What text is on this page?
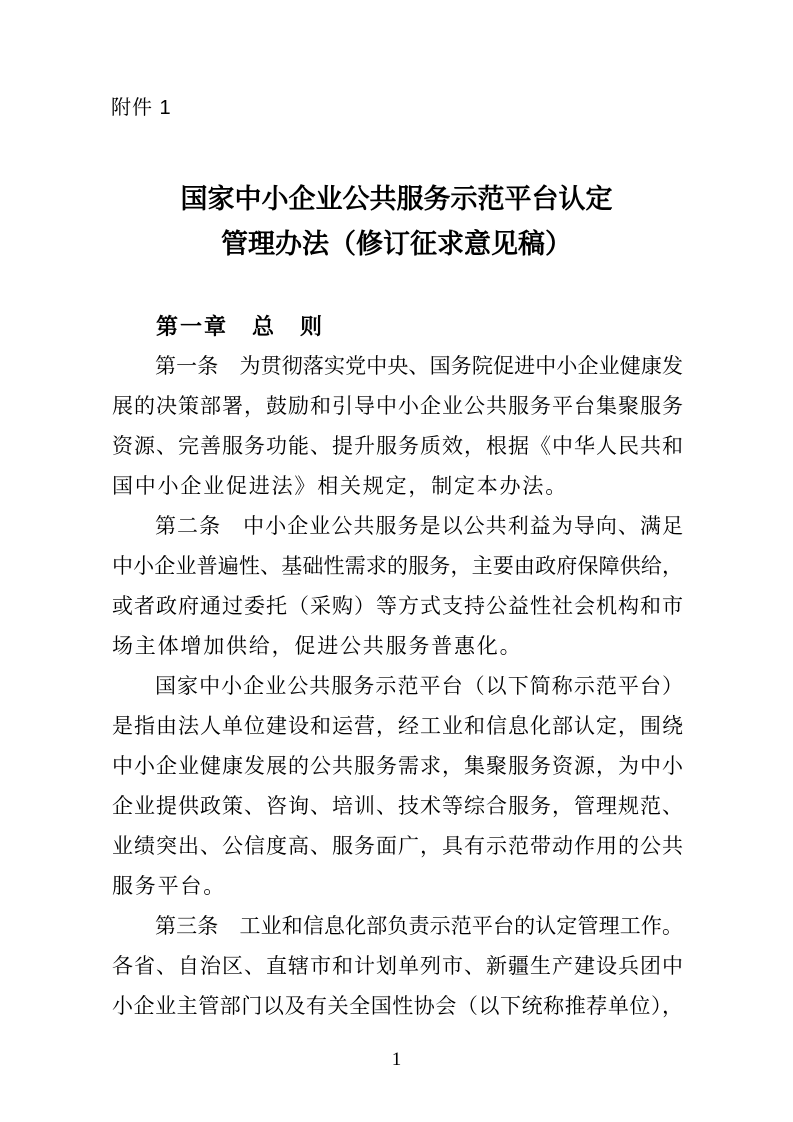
附件 1
国家中小企业公共服务示范平台认定
管理办法（修订征求意见稿）
第一章　总　则
第一条　为贯彻落实党中央、国务院促进中小企业健康发
展的决策部署，鼓励和引导中小企业公共服务平台集聚服务
资源、完善服务功能、提升服务质效，根据《中华人民共和
国中小企业促进法》相关规定，制定本办法。
第二条　中小企业公共服务是以公共利益为导向、满足
中小企业普遍性、基础性需求的服务，主要由政府保障供给，
或者政府通过委托（采购）等方式支持公益性社会机构和市
场主体增加供给，促进公共服务普惠化。
国家中小企业公共服务示范平台（以下简称示范平台）
是指由法人单位建设和运营，经工业和信息化部认定，围绕
中小企业健康发展的公共服务需求，集聚服务资源，为中小
企业提供政策、咨询、培训、技术等综合服务，管理规范、
业绩突出、公信度高、服务面广，具有示范带动作用的公共
服务平台。
第三条　工业和信息化部负责示范平台的认定管理工作。
各省、自治区、直辖市和计划单列市、新疆生产建设兵团中
小企业主管部门以及有关全国性协会（以下统称推荐单位），
1
